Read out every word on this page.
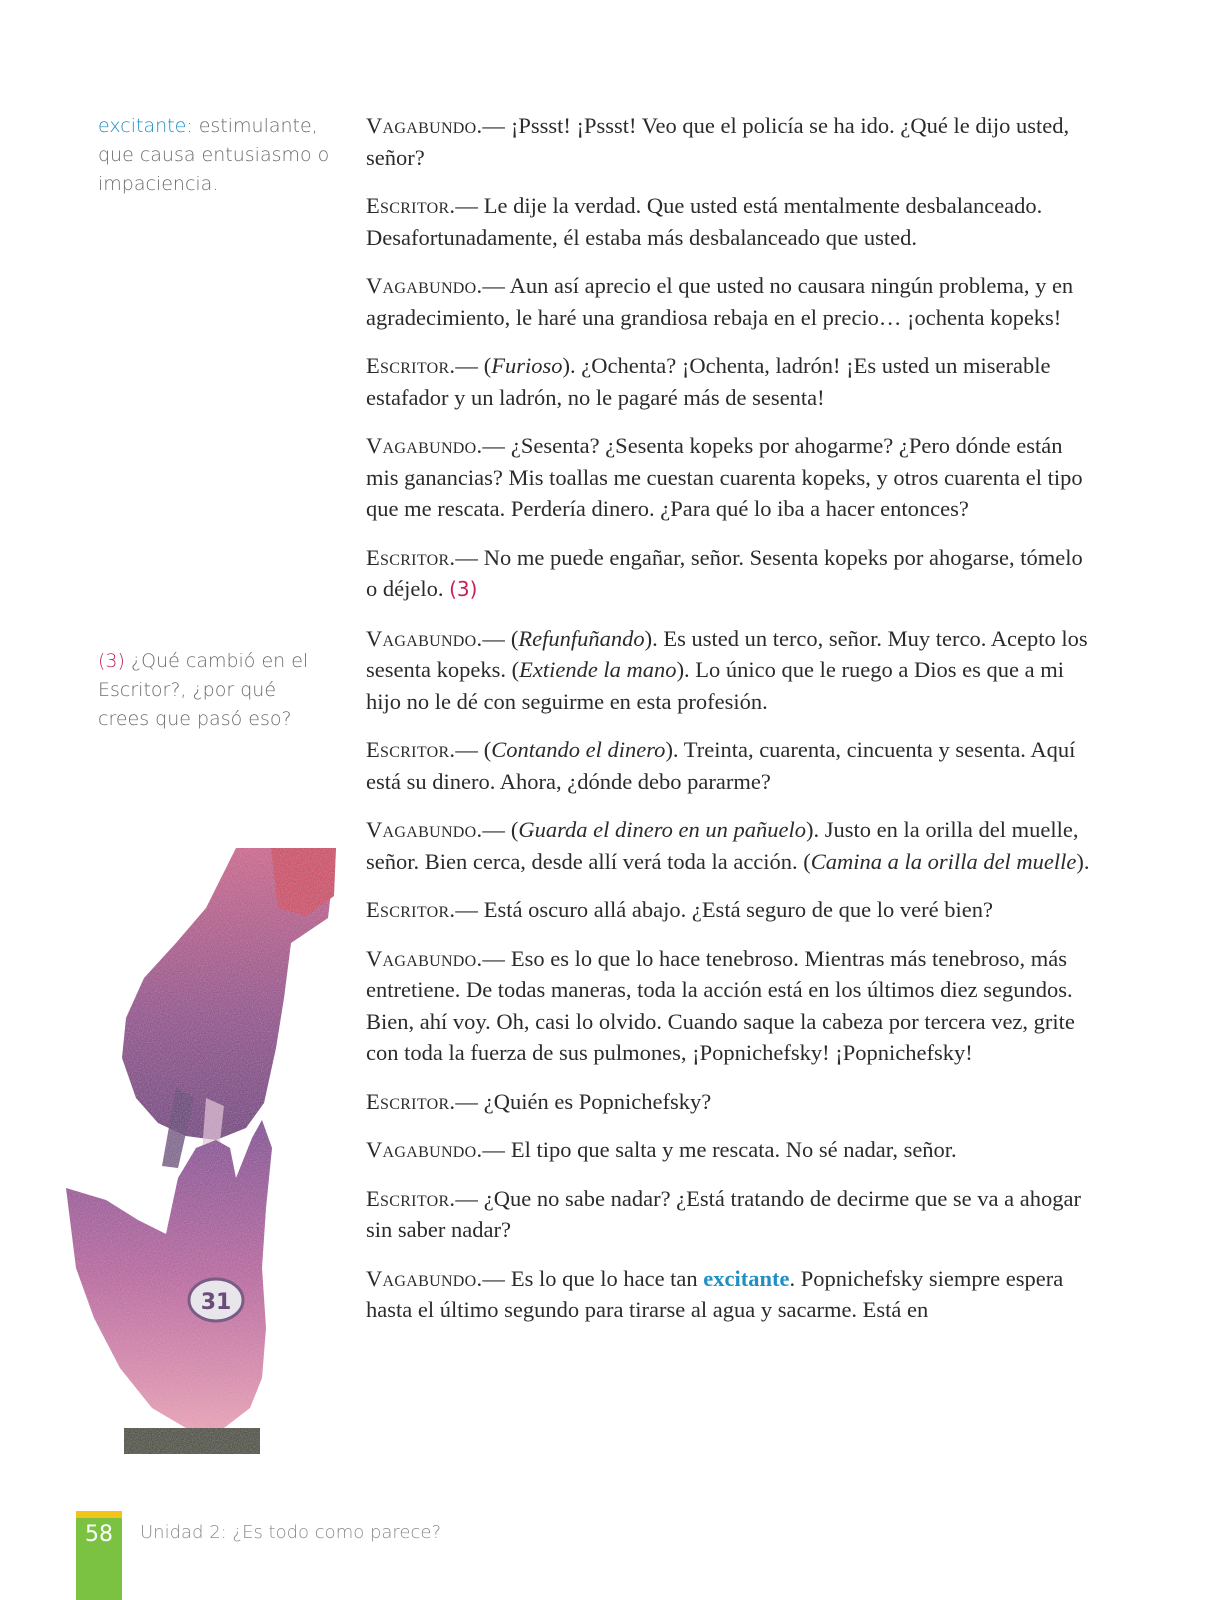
excitante: estimulante, que causa entusiasmo o impaciencia.
(3) ¿Qué cambió en el Escritor?, ¿por qué crees que pasó eso?
31

Vagabundo.— ¡Pssst! ¡Pssst! Veo que el policía se ha ido. ¿Qué le dijo usted, señor?

Escritor.— Le dije la verdad. Que usted está mentalmente desbalanceado. Desafortunadamente, él estaba más desbalanceado que usted.

Vagabundo.— Aun así aprecio el que usted no causara ningún problema, y en agradecimiento, le haré una grandiosa rebaja en el precio… ¡ochenta kopeks!

Escritor.— (Furioso). ¿Ochenta? ¡Ochenta, ladrón! ¡Es usted un miserable estafador y un ladrón, no le pagaré más de sesenta!

Vagabundo.— ¿Sesenta? ¿Sesenta kopeks por ahogarme? ¿Pero dónde están mis ganancias? Mis toallas me cuestan cuarenta kopeks, y otros cuarenta el tipo que me rescata. Perdería dinero. ¿Para qué lo iba a hacer entonces?

Escritor.— No me puede engañar, señor. Sesenta kopeks por ahogarse, tómelo o déjelo. (3)

Vagabundo.— (Refunfuñando). Es usted un terco, señor. Muy terco. Acepto los sesenta kopeks. (Extiende la mano). Lo único que le ruego a Dios es que a mi hijo no le dé con seguirme en esta profesión.

Escritor.— (Contando el dinero). Treinta, cuarenta, cincuenta y sesenta. Aquí está su dinero. Ahora, ¿dónde debo pararme?

Vagabundo.— (Guarda el dinero en un pañuelo). Justo en la orilla del muelle, señor. Bien cerca, desde allí verá toda la acción. (Camina a la orilla del muelle).

Escritor.— Está oscuro allá abajo. ¿Está seguro de que lo veré bien?

Vagabundo.— Eso es lo que lo hace tenebroso. Mientras más tenebroso, más entretiene. De todas maneras, toda la acción está en los últimos diez segundos. Bien, ahí voy. Oh, casi lo olvido. Cuando saque la cabeza por tercera vez, grite con toda la fuerza de sus pulmones, ¡Popnichefsky! ¡Popnichefsky!

Escritor.— ¿Quién es Popnichefsky?

Vagabundo.— El tipo que salta y me rescata. No sé nadar, señor.

Escritor.— ¿Que no sabe nadar? ¿Está tratando de decirme que se va a ahogar sin saber nadar?

Vagabundo.— Es lo que lo hace tan excitante. Popnichefsky siempre espera hasta el último segundo para tirarse al agua y sacarme. Está en

58	Unidad 2: ¿Es todo como parece?
